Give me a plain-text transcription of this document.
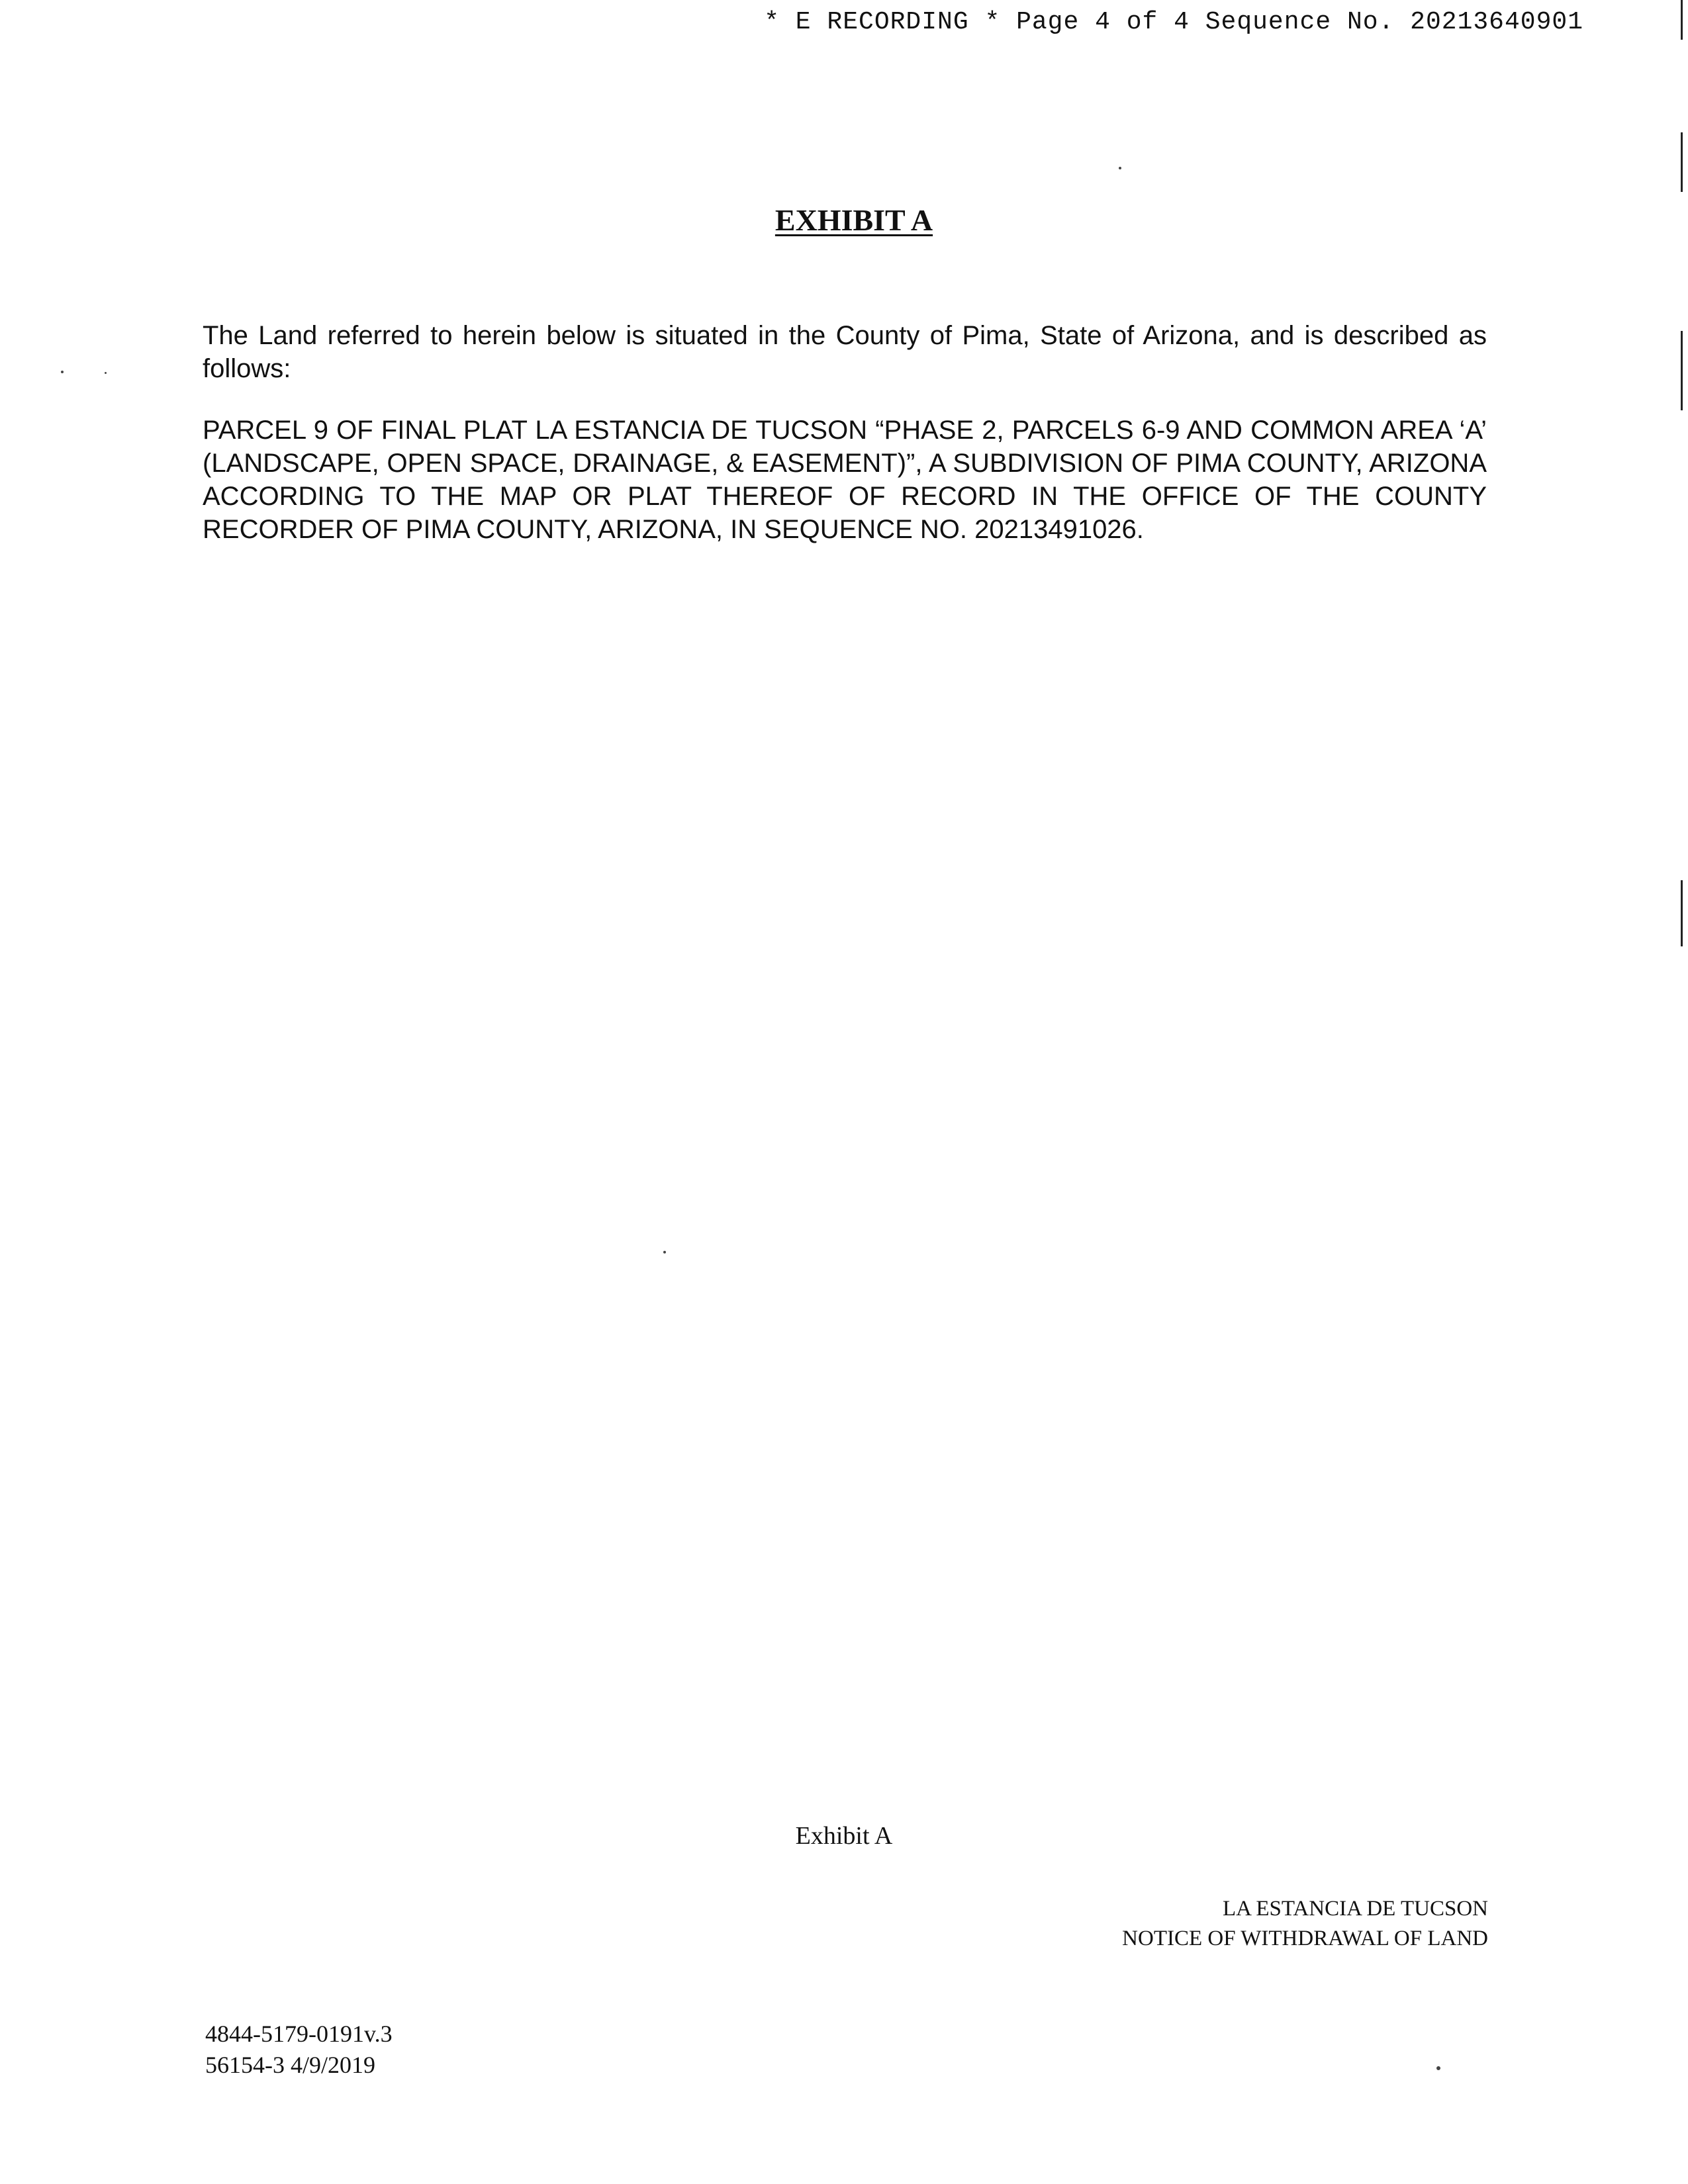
* E RECORDING * Page 4 of 4 Sequence No. 20213640901
EXHIBIT A

The Land referred to herein below is situated in the County of Pima, State of Arizona, and is described as follows:

PARCEL 9 OF FINAL PLAT LA ESTANCIA DE TUCSON “PHASE 2, PARCELS 6-9 AND COMMON AREA ‘A’ (LANDSCAPE, OPEN SPACE, DRAINAGE, & EASEMENT)”, A SUBDIVISION OF PIMA COUNTY, ARIZONA ACCORDING TO THE MAP OR PLAT THEREOF OF RECORD IN THE OFFICE OF THE COUNTY RECORDER OF PIMA COUNTY, ARIZONA, IN SEQUENCE NO. 20213491026.

Exhibit A
LA ESTANCIA DE TUCSON
NOTICE OF WITHDRAWAL OF LAND
4844-5179-0191v.3
56154-3 4/9/2019
